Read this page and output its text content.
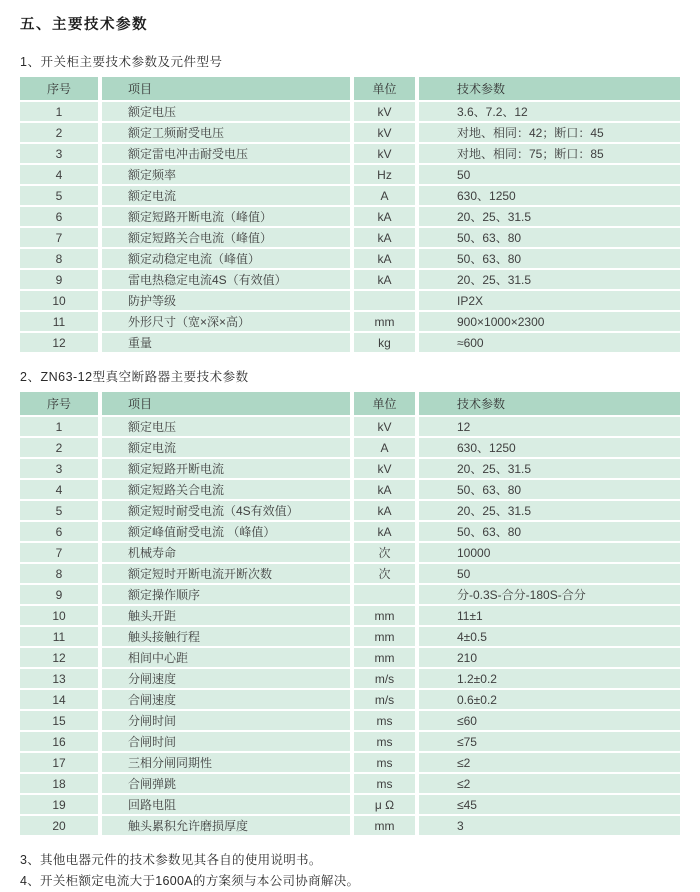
五、主要技术参数
1、开关柜主要技术参数及元件型号
序号	项目	单位	技术参数
1	额定电压	kV	3.6、7.2、12
2	额定工频耐受电压	kV	对地、相同：42；断口：45
3	额定雷电冲击耐受电压	kV	对地、相同：75；断口：85
4	额定频率	Hz	50
5	额定电流	A	630、1250
6	额定短路开断电流（峰值）	kA	20、25、31.5
7	额定短路关合电流（峰值）	kA	50、63、80
8	额定动稳定电流（峰值）	kA	50、63、80
9	雷电热稳定电流4S（有效值）	kA	20、25、31.5
10	防护等级		IP2X
11	外形尺寸（宽×深×高）	mm	900×1000×2300
12	重量	kg	≈600
2、ZN63-12型真空断路器主要技术参数
序号	项目	单位	技术参数
1	额定电压	kV	12
2	额定电流	A	630、1250
3	额定短路开断电流	kV	20、25、31.5
4	额定短路关合电流	kA	50、63、80
5	额定短时耐受电流（4S有效值）	kA	20、25、31.5
6	额定峰值耐受电流 （峰值）	kA	50、63、80
7	机械寿命	次	10000
8	额定短时开断电流开断次数	次	50
9	额定操作顺序		分-0.3S-合分-180S-合分
10	触头开距	mm	11±1
11	触头接触行程	mm	4±0.5
12	相间中心距	mm	210
13	分闸速度	m/s	1.2±0.2
14	合闸速度	m/s	0.6±0.2
15	分闸时间	ms	≤60
16	合闸时间	ms	≤75
17	三相分闸同期性	ms	≤2
18	合闸弹跳	ms	≤2
19	回路电阻	μ Ω	≤45
20	触头累积允许磨损厚度	mm	3
3、其他电器元件的技术参数见其各自的使用说明书。
4、开关柜额定电流大于1600A的方案须与本公司协商解决。
